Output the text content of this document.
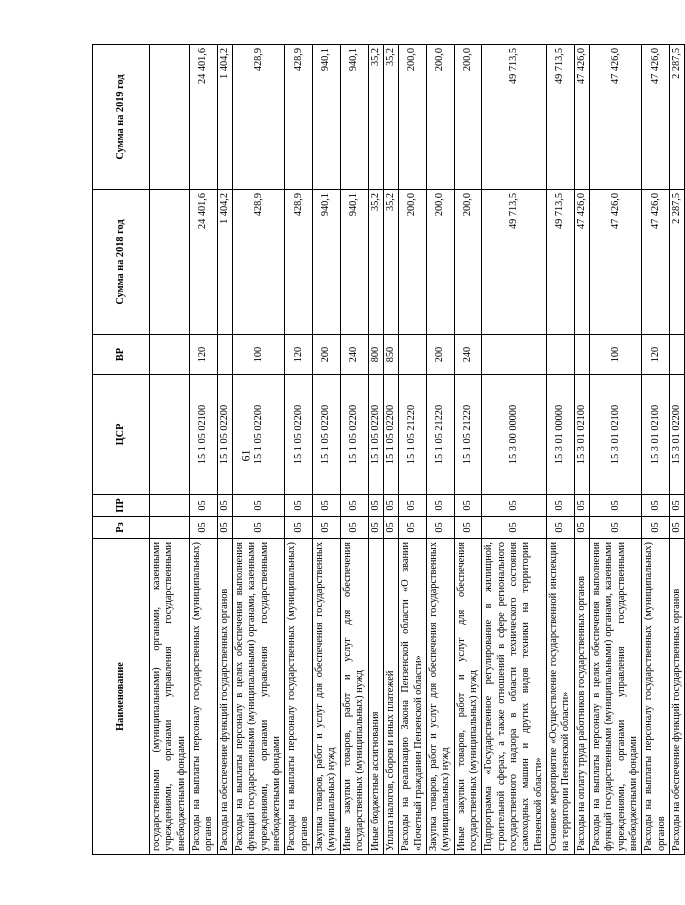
61
Наименование	Рз	ПР	ЦСР	ВР	Сумма на 2018 год	Сумма на 2019 год
государственными (муниципальными) органами, казенными учреждениями, органами управления государственными внебюджетными фондами						
Расходы на выплаты персоналу государственных (муниципальных) органов	05	05	15 1 05 02100	120	24 401,6	24 401,6
Расходы на обеспечение функций государственных органов	05	05	15 1 05 02200		1 404,2	1 404,2
Расходы на выплаты персоналу в целях обеспечения выполнения функций государственными (муниципальными) органами, казенными учреждениями, органами управления государственными внебюджетными фондами	05	05	15 1 05 02200	100	428,9	428,9
Расходы на выплаты персоналу государственных (муниципальных) органов	05	05	15 1 05 02200	120	428,9	428,9
Закупка товаров, работ и услуг для обеспечения государственных (муниципальных) нужд	05	05	15 1 05 02200	200	940,1	940,1
Иные закупки товаров, работ и услуг для обеспечения государственных (муниципальных) нужд	05	05	15 1 05 02200	240	940,1	940,1
Иные бюджетные ассигнования	05	05	15 1 05 02200	800	35,2	35,2
Уплата налогов, сборов и иных платежей	05	05	15 1 05 02200	850	35,2	35,2
Расходы на реализацию Закона Пензенской области «О звании «Почетный гражданин Пензенской области»	05	05	15 1 05 21220		200,0	200,0
Закупка товаров, работ и услуг для обеспечения государственных (муниципальных) нужд	05	05	15 1 05 21220	200	200,0	200,0
Иные закупки товаров, работ и услуг для обеспечения государственных (муниципальных) нужд	05	05	15 1 05 21220	240	200,0	200,0
Подпрограмма «Государственное регулирование в жилищной, строительной сферах, а также отношений в сфере регионального государственного надзора в области технического состояния самоходных машин и других видов техники на территории Пензенской области»	05	05	15 3 00 00000		49 713,5	49 713,5
Основное мероприятие «Осуществление государственной инспекции на территории Пензенской области»	05	05	15 3 01 00000		49 713,5	49 713,5
Расходы на оплату труда работников государственных органов	05	05	15 3 01 02100		47 426,0	47 426,0
Расходы на выплаты персоналу в целях обеспечения выполнения функций государственными (муниципальными) органами, казенными учреждениями, органами управления государственными внебюджетными фондами	05	05	15 3 01 02100	100	47 426,0	47 426,0
Расходы на выплаты персоналу государственных (муниципальных) органов	05	05	15 3 01 02100	120	47 426,0	47 426,0
Расходы на обеспечение функций государственных органов	05	05	15 3 01 02200		2 287,5	2 287,5
